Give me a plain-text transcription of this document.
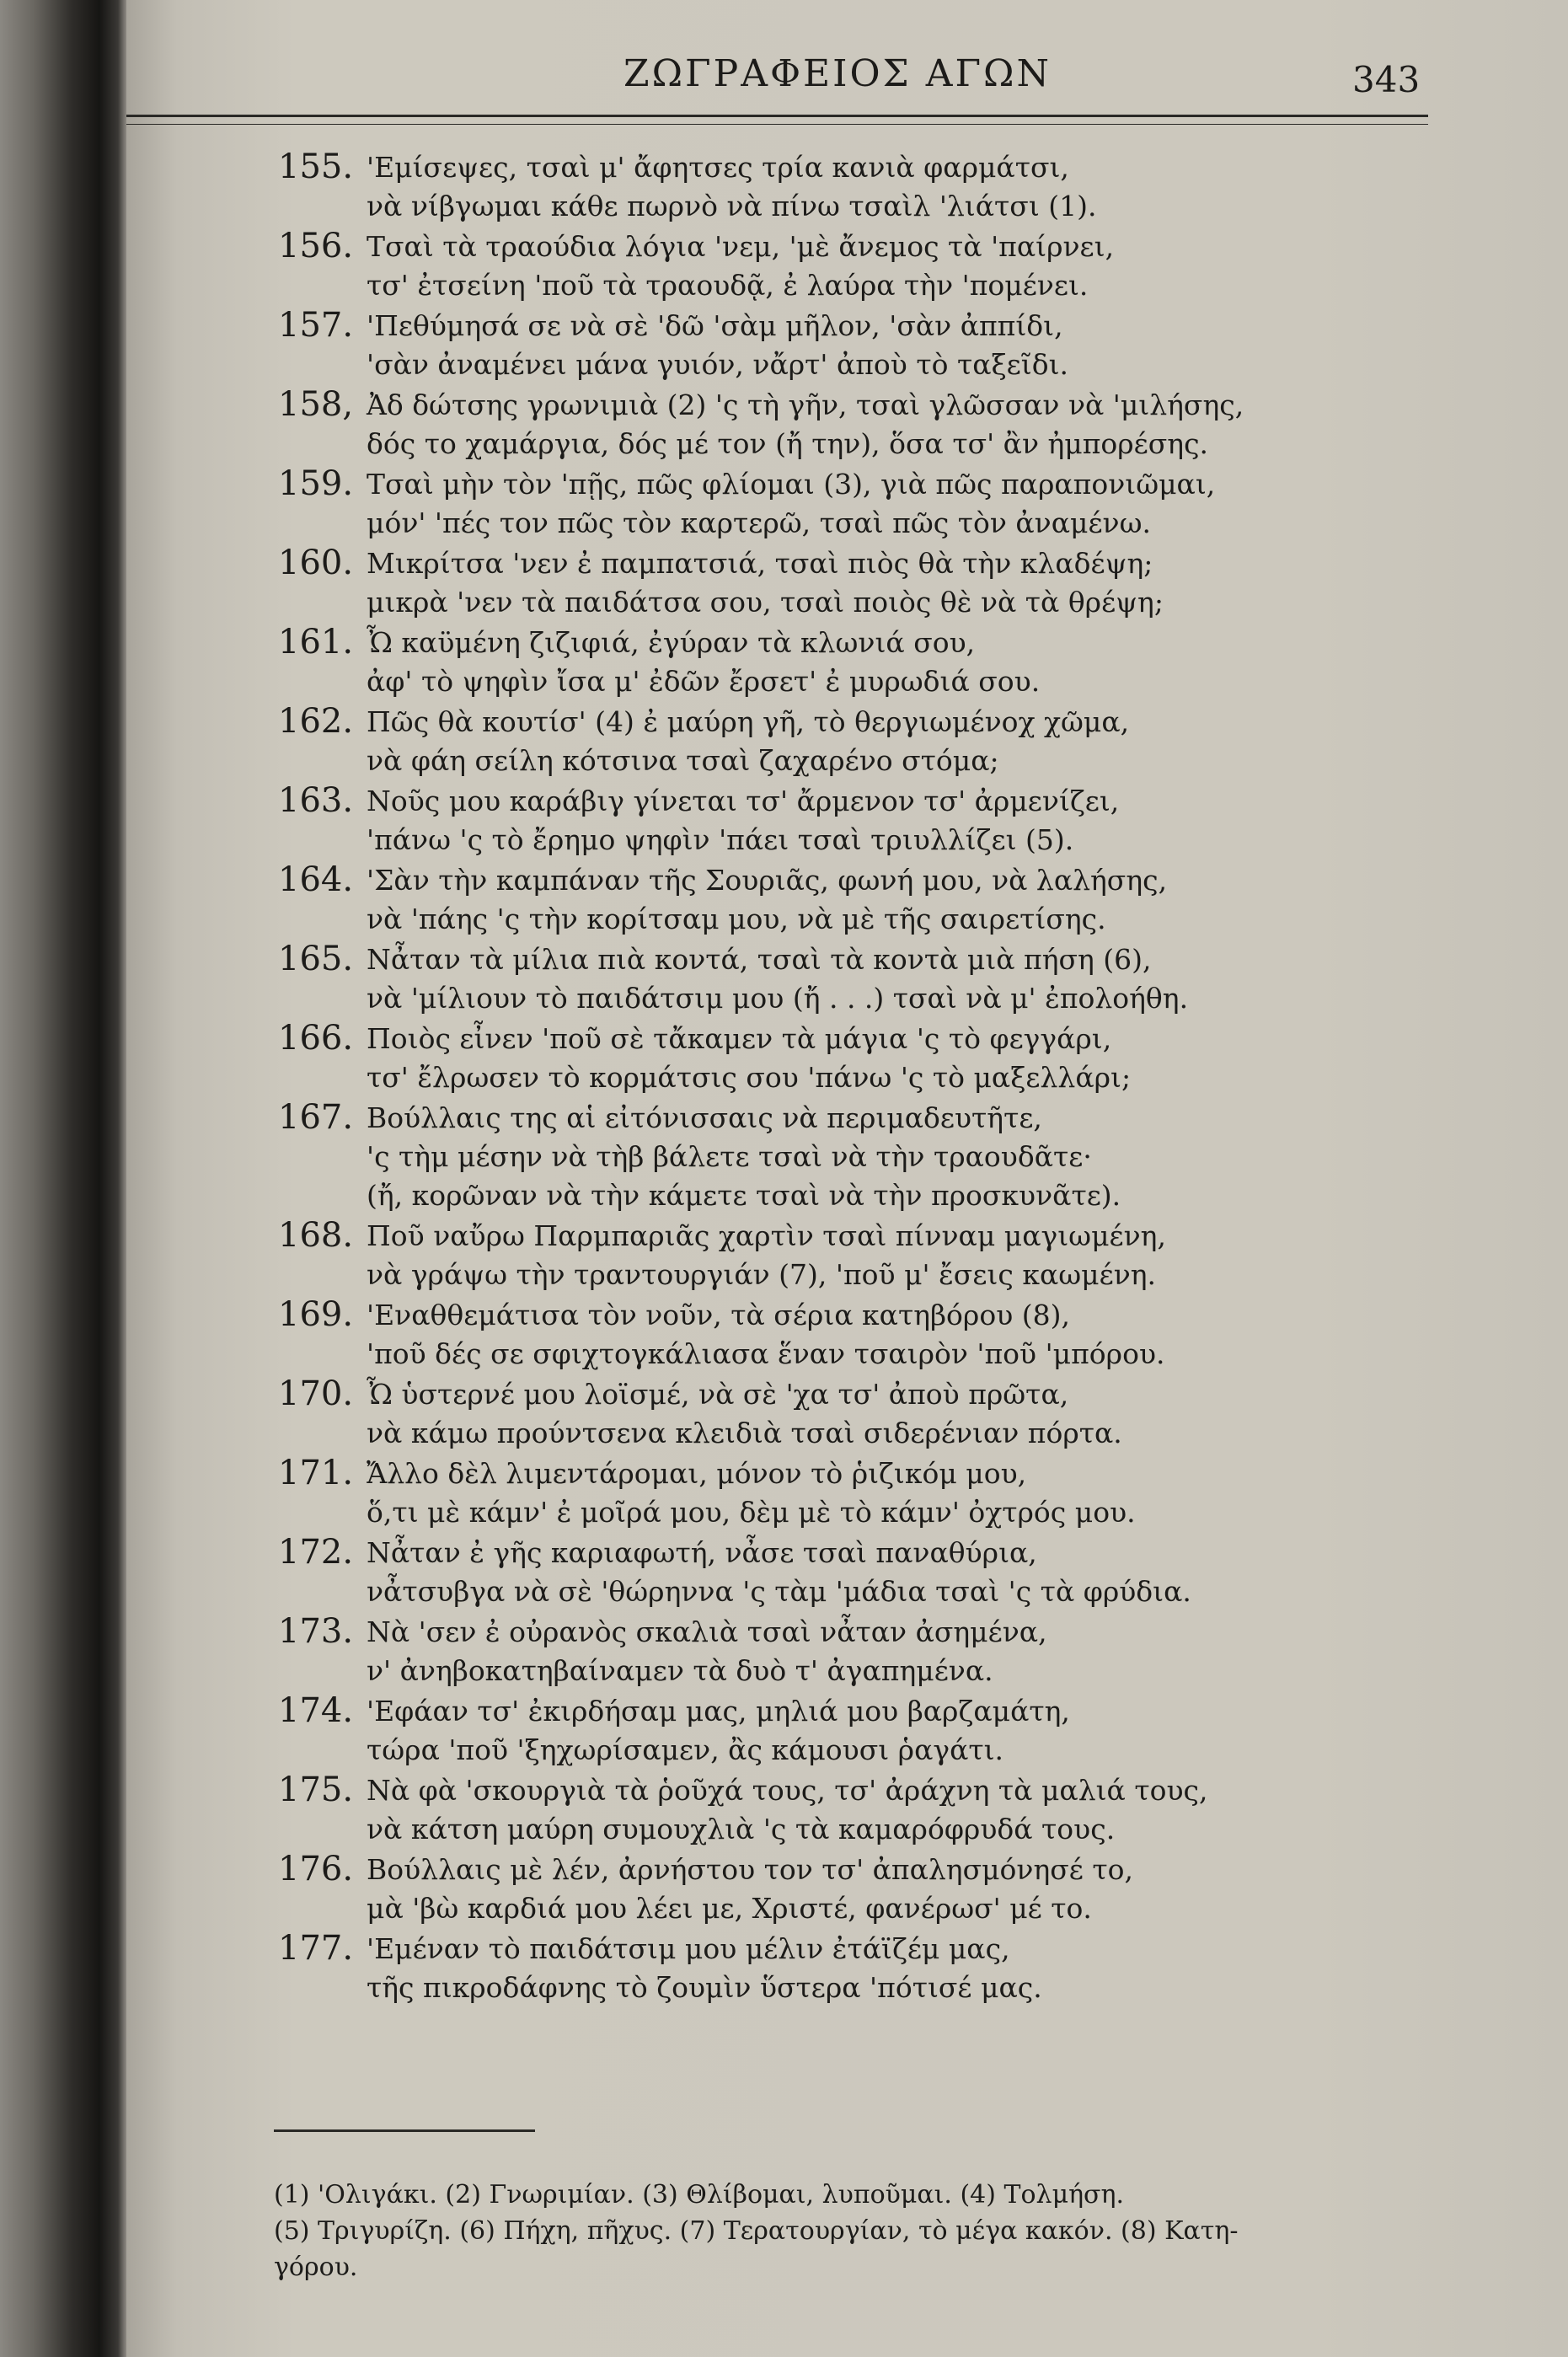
ΖΩΓΡΑΦΕΙΟΣ ΑΓΩΝ	343
155. 'Εμίσεψες, τσαὶ μ' ἄφητσες τρία κανιὰ φαρμάτσι,
νὰ νίβγωμαι κάθε πωρνὸ νὰ πίνω τσαὶλ 'λιάτσι (1).
156. Τσαὶ τὰ τραούδια λόγια 'νεμ, 'μὲ ἄνεμος τὰ 'παίρνει,
τσ' ἐτσείνη 'ποῦ τὰ τραουδᾷ, ἐ λαύρα τὴν 'πομένει.
157. 'Πεθύμησά σε νὰ σὲ 'δῶ 'σὰμ μῆλον, 'σὰν ἀππίδι,
'σὰν ἀναμένει μάνα γυιόν, νἄρτ' ἀποὺ τὸ ταξεῖδι.
158, Ἀδ δώτσης γρωνιμιὰ (2) 'ς τὴ γῆν, τσαὶ γλῶσσαν νὰ 'μιλήσης,
δός το χαμάργια, δός μέ τον (ἤ την), ὅσα τσ' ἂν ἠμπορέσης.
159. Τσαὶ μὴν τὸν 'πῇς, πῶς φλίομαι (3), γιὰ πῶς παραπονιῶμαι,
μόν' 'πές τον πῶς τὸν καρτερῶ, τσαὶ πῶς τὸν ἀναμένω.
160. Μικρίτσα 'νεν ἐ παμπατσιά, τσαὶ πιὸς θὰ τὴν κλαδέψη;
μικρὰ 'νεν τὰ παιδάτσα σου, τσαὶ ποιὸς θὲ νὰ τὰ θρέψη;
161. Ὦ καϋμένη ζιζιφιά, ἐγύραν τὰ κλωνιά σου,
ἀφ' τὸ ψηφὶν ἴσα μ' ἐδῶν ἔρσετ' ἐ μυρωδιά σου.
162. Πῶς θὰ κουτίσ' (4) ἐ μαύρη γῆ, τὸ θεργιωμένοχ χῶμα,
νὰ φάη σείλη κότσινα τσαὶ ζαχαρένο στόμα;
163. Νοῦς μου καράβιγ γίνεται τσ' ἄρμενον τσ' ἀρμενίζει,
'πάνω 'ς τὸ ἔρημο ψηφὶν 'πάει τσαὶ τριυλλίζει (5).
164. 'Σὰν τὴν καμπάναν τῆς Σουριᾶς, φωνή μου, νὰ λαλήσης,
νὰ 'πάης 'ς τὴν κορίτσαμ μου, νὰ μὲ τῆς σαιρετίσης.
165. Νἆταν τὰ μίλια πιὰ κοντά, τσαὶ τὰ κοντὰ μιὰ πήση (6),
νὰ 'μίλιουν τὸ παιδάτσιμ μου (ἤ . . .) τσαὶ νὰ μ' ἐπολοήθη.
166. Ποιὸς εἶνεν 'ποῦ σὲ τἄκαμεν τὰ μάγια 'ς τὸ φεγγάρι,
τσ' ἔλρωσεν τὸ κορμάτσις σου 'πάνω 'ς τὸ μαξελλάρι;
167. Βούλλαις της αἱ εἰτόνισσαις νὰ περιμαδευτῆτε,
'ς τὴμ μέσην νὰ τὴβ βάλετε τσαὶ νὰ τὴν τραουδᾶτε·
(ἤ, κορῶναν νὰ τὴν κάμετε τσαὶ νὰ τὴν προσκυνᾶτε).
168. Ποῦ ναὔρω Παρμπαριᾶς χαρτὶν τσαὶ πίνναμ μαγιωμένη,
νὰ γράψω τὴν τραντουργιάν (7), 'ποῦ μ' ἔσεις καωμένη.
169. 'Εναθθεμάτισα τὸν νοῦν, τὰ σέρια κατηβόρου (8),
'ποῦ δές σε σφιχτογκάλιασα ἕναν τσαιρὸν 'ποῦ 'μπόρου.
170. Ὦ ὑστερνέ μου λοϊσμέ, νὰ σὲ 'χα τσ' ἀποὺ πρῶτα,
νὰ κάμω προύντσενα κλειδιὰ τσαὶ σιδερένιαν πόρτα.
171. Ἄλλο δὲλ λιμεντάρομαι, μόνον τὸ ῥιζικόμ μου,
ὅ,τι μὲ κάμν' ἐ μοῖρά μου, δὲμ μὲ τὸ κάμν' ὀχτρός μου.
172. Νἆταν ἐ γῆς καριαφωτή, νἆσε τσαὶ παναθύρια,
νἆτσυβγα νὰ σὲ 'θώρηννα 'ς τὰμ 'μάδια τσαὶ 'ς τὰ φρύδια.
173. Νὰ 'σεν ἐ οὐρανὸς σκαλιὰ τσαὶ νἆταν ἀσημένα,
ν' ἀνηβοκατηβαίναμεν τὰ δυὸ τ' ἀγαπημένα.
174. 'Εφάαν τσ' ἐκιρδήσαμ μας, μηλιά μου βαρζαμάτη,
τώρα 'ποῦ 'ξηχωρίσαμεν, ἂς κάμουσι ῥαγάτι.
175. Νὰ φὰ 'σκουργιὰ τὰ ῥοῦχά τους, τσ' ἀράχνη τὰ μαλιά τους,
νὰ κάτση μαύρη συμουχλιὰ 'ς τὰ καμαρόφρυδά τους.
176. Βούλλαις μὲ λέν, ἀρνήστου τον τσ' ἀπαλησμόνησέ το,
μὰ 'βὼ καρδιά μου λέει με, Χριστέ, φανέρωσ' μέ το.
177. 'Εμέναν τὸ παιδάτσιμ μου μέλιν ἐτάϊζέμ μας,
τῆς πικροδάφνης τὸ ζουμὶν ὕστερα 'πότισέ μας.
(1) 'Ολιγάκι. (2) Γνωριμίαν. (3) Θλίβομαι, λυποῦμαι. (4) Τολμήση.
(5) Τριγυρίζη. (6) Πήχη, πῆχυς. (7) Τερατουργίαν, τὸ μέγα κακόν. (8) Κατη-
γόρου.
